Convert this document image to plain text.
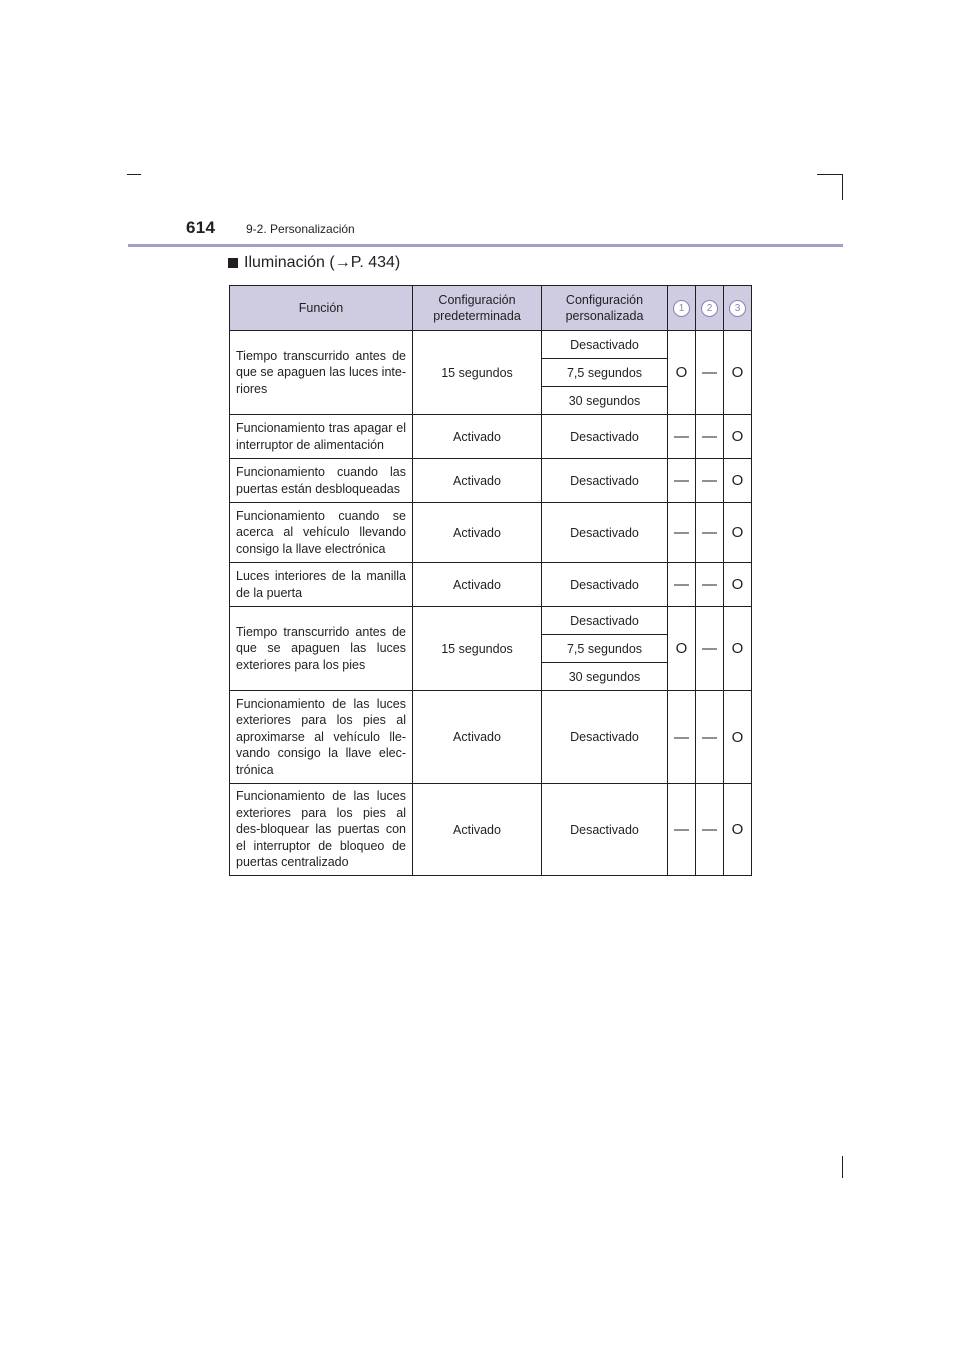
614	9-2. Personalización
Iluminación (→P. 434)
Función	Configuración predeterminada	Configuración personalizada	1	2	3
Tiempo transcurrido antes de que se apaguen las luces inte-riores	15 segundos	Desactivado	O	—	O
		7,5 segundos			
		30 segundos			
Funcionamiento tras apagar el interruptor de alimentación	Activado	Desactivado	—	—	O
Funcionamiento cuando las puertas están desbloqueadas	Activado	Desactivado	—	—	O
Funcionamiento cuando se acerca al vehículo llevando consigo la llave electrónica	Activado	Desactivado	—	—	O
Luces interiores de la manilla de la puerta	Activado	Desactivado	—	—	O
Tiempo transcurrido antes de que se apaguen las luces exteriores para los pies	15 segundos	Desactivado	O	—	O
		7,5 segundos			
		30 segundos			
Funcionamiento de las luces exteriores para los pies al aproximarse al vehículo lle-vando consigo la llave elec-trónica	Activado	Desactivado	—	—	O
Funcionamiento de las luces exteriores para los pies al des-bloquear las puertas con el interruptor de bloqueo de puertas centralizado	Activado	Desactivado	—	—	O
